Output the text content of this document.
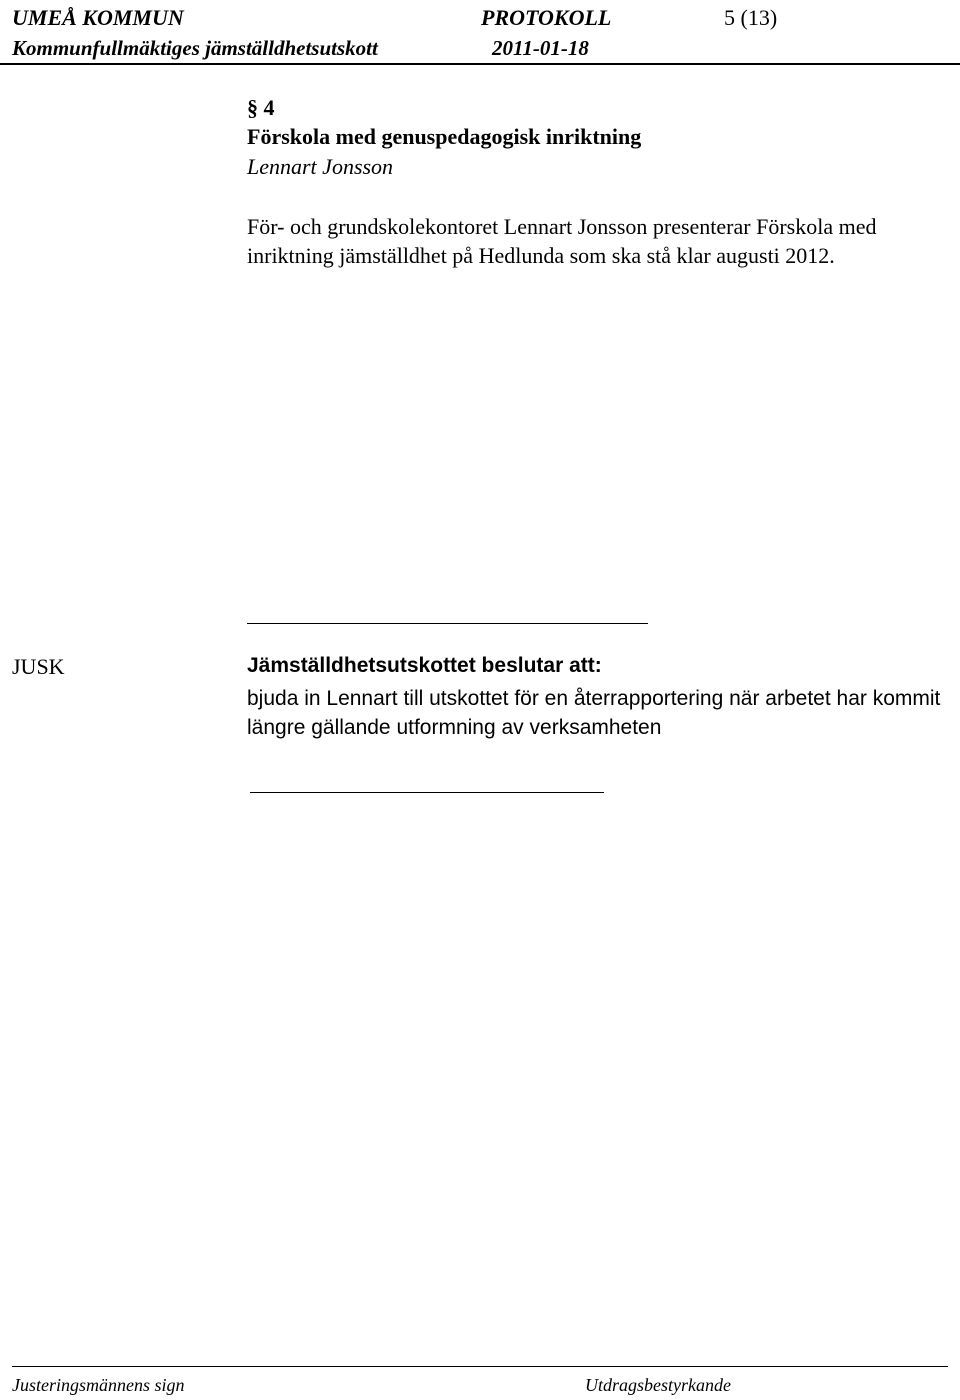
UMEÅ KOMMUN	PROTOKOLL	5 (13)
Kommunfullmäktiges jämställdhetsutskott	2011-01-18
§ 4
Förskola med genuspedagogisk inriktning
Lennart Jonsson
För- och grundskolekontoret Lennart Jonsson presenterar Förskola med inriktning jämställdhet på Hedlunda som ska stå klar augusti 2012.
JUSK	Jämställdhetsutskottet beslutar att:
bjuda in Lennart till utskottet för en återrapportering när arbetet har kommit längre gällande utformning av verksamheten
Justeringsmännens sign	Utdragsbestyrkande
